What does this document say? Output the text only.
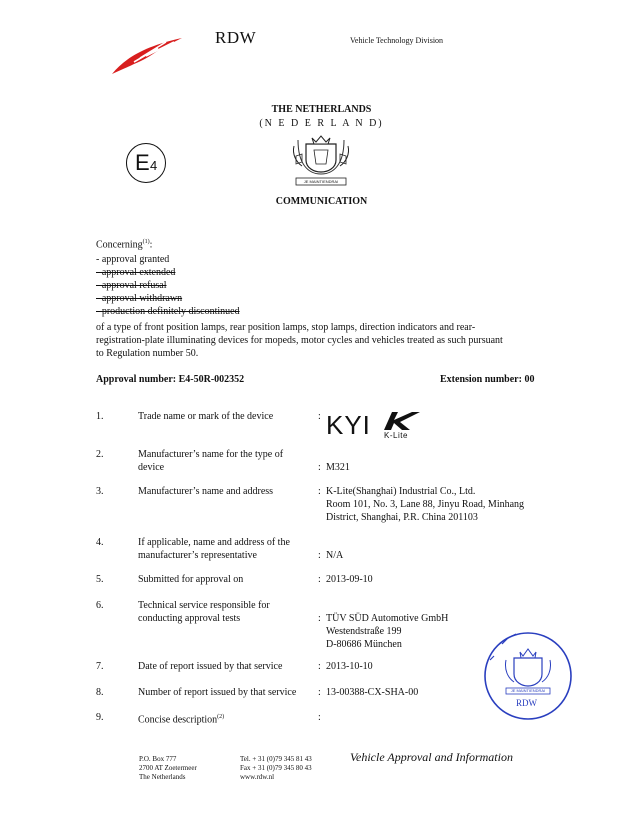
RDW	Vehicle Technology Division
THE NETHERLANDS
(N E D E R L A N D)
E 4
JE MAINTIENDRAI
COMMUNICATION
Concerning$^{(1)}$:
- approval granted
- approval extended
- approval refusal
- approval withdrawn
- production definitely discontinued
of a type of front position lamps, rear position lamps, stop lamps, direction indicators and rear-
registration-plate illuminating devices for mopeds, motor cycles and vehicles treated as such pursuant
to Regulation number 50.
Approval number: E4-50R-002352	Extension number: 00
1.	Trade name or mark of the device	: KYI K-Lite
2.	Manufacturer’s name for the type of
device	: M321
3.	Manufacturer’s name and address	: K-Lite(Shanghai) Industrial Co., Ltd.
Room 101, No. 3, Lane 88, Jinyu Road, Minhang
District, Shanghai, P.R. China 201103
4.	If applicable, name and address of the
manufacturer’s representative	: N/A
5.	Submitted for approval on	: 2013-09-10
6.	Technical service responsible for
conducting approval tests	: TÜV SÜD Automotive GmbH
Westendstraße 199
D-80686 München
7.	Date of report issued by that service	: 2013-10-10
8.	Number of report issued by that service	: 13-00388-CX-SHA-00
9.	Concise description$^{(2)}$	:
JE MAINTIENDRAI
RDW
P.O. Box 777
2700 AT Zoetermeer
The Netherlands
Tel. + 31 (0)79 345 81 43
Fax + 31 (0)79 345 80 43
www.rdw.nl
Vehicle Approval and Information
